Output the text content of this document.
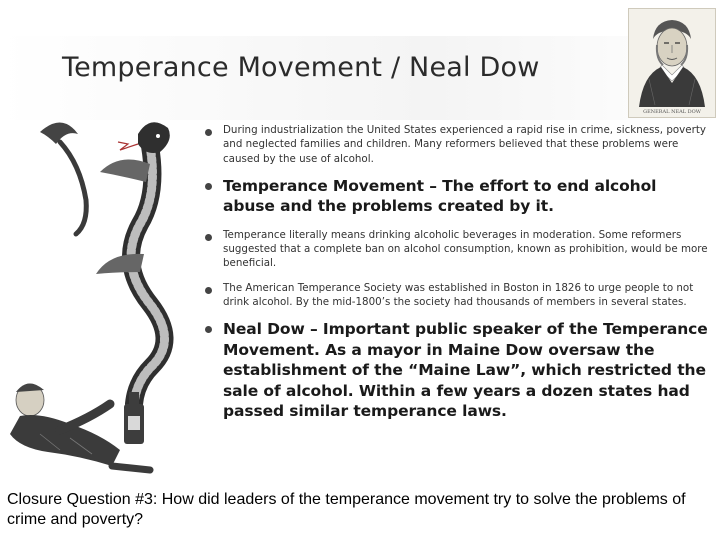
Temperance Movement / Neal Dow
GENERAL NEAL DOW
During industrialization the United States experienced a rapid rise in crime, sickness, poverty and neglected families and children. Many reformers believed that these problems were caused by the use of alcohol.
Temperance Movement – The effort to end alcohol abuse and the problems created by it.
Temperance literally means drinking alcoholic beverages in moderation. Some reformers suggested that a complete ban on alcohol consumption, known as prohibition, would be more beneficial.
The American Temperance Society was established in Boston in 1826 to urge people to not drink alcohol. By the mid-1800’s the society had thousands of members in several states.
Neal Dow – Important public speaker of the Temperance Movement. As a mayor in Maine Dow oversaw the establishment of the “Maine Law”, which restricted the sale of alcohol. Within a few years a dozen states had passed similar temperance laws.

Closure Question #3: How did leaders of the temperance movement try to solve the problems of crime and poverty?
